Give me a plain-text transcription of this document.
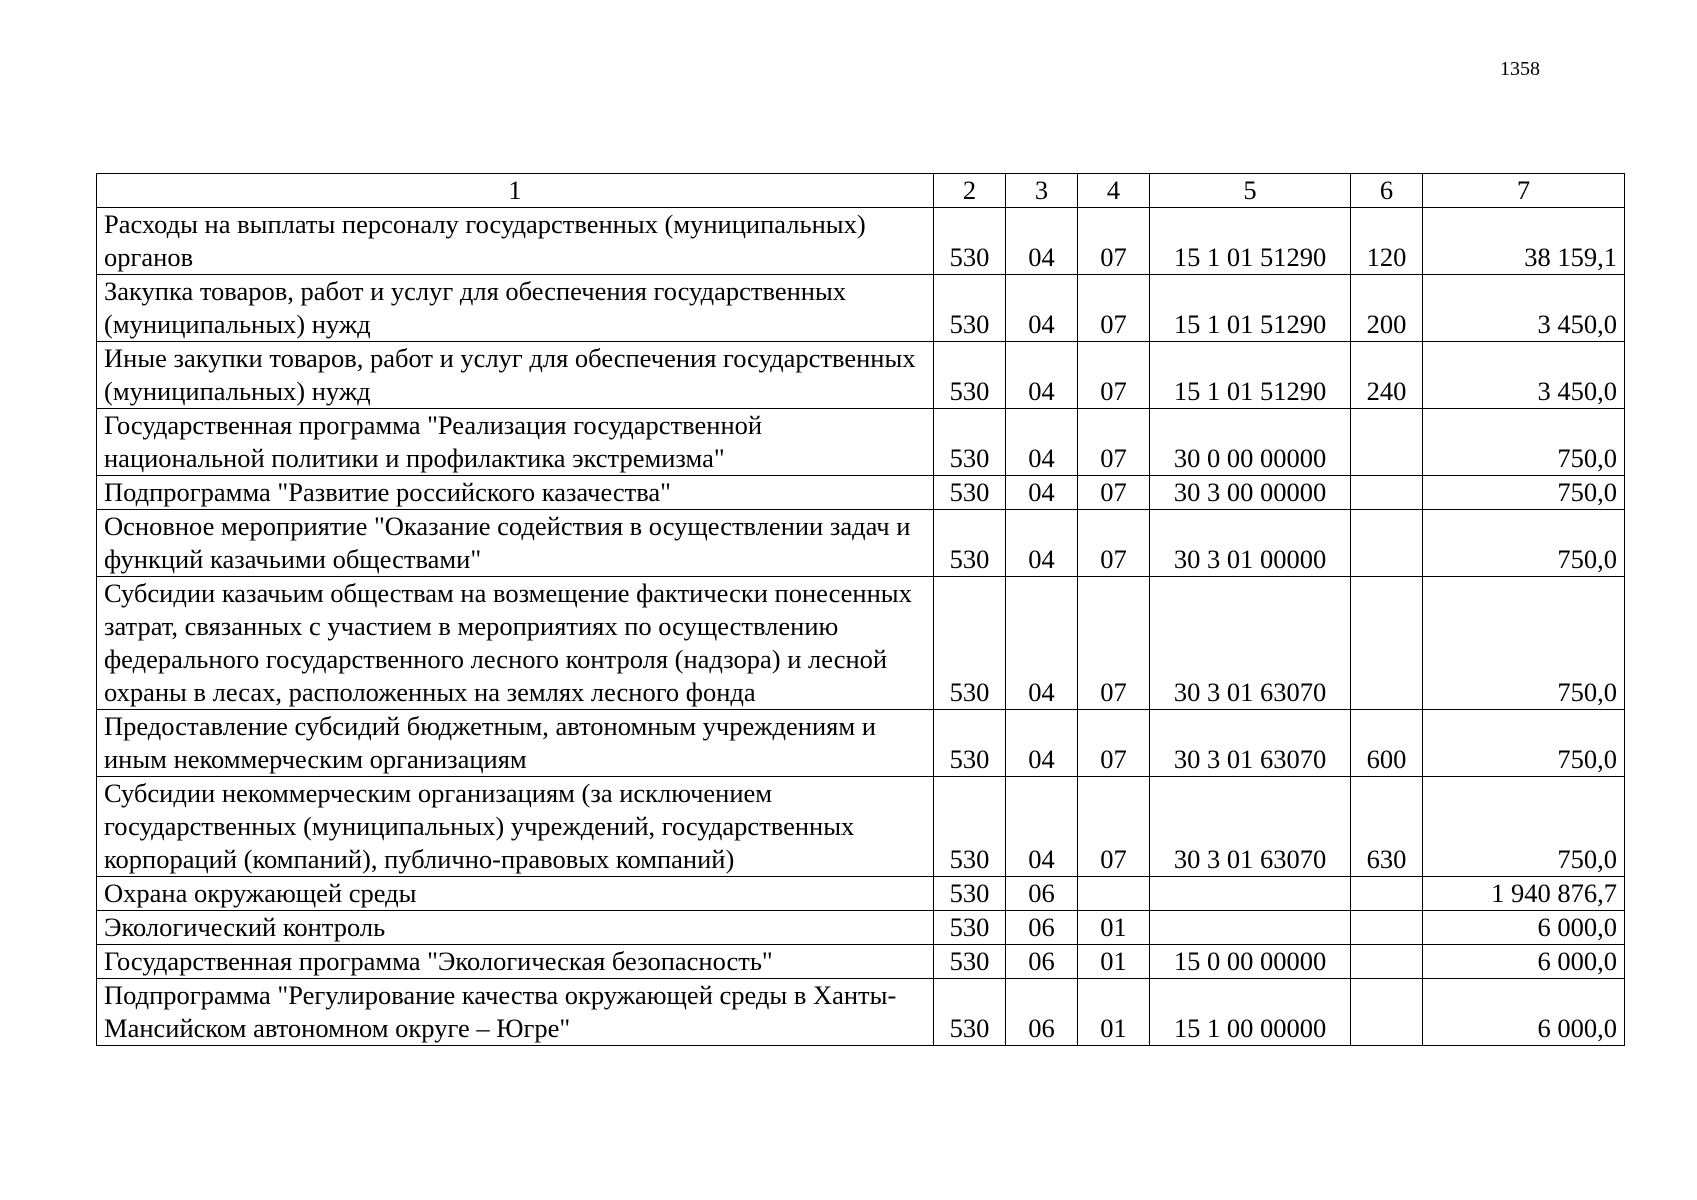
1358
1	2	3	4	5	6	7
Расходы на выплаты персоналу государственных (муниципальных) органов	530	04	07	15 1 01 51290	120	38 159,1
Закупка товаров, работ и услуг для обеспечения государственных (муниципальных) нужд	530	04	07	15 1 01 51290	200	3 450,0
Иные закупки товаров, работ и услуг для обеспечения государственных (муниципальных) нужд	530	04	07	15 1 01 51290	240	3 450,0
Государственная программа "Реализация государственной национальной политики и профилактика экстремизма"	530	04	07	30 0 00 00000		750,0
Подпрограмма "Развитие российского казачества"	530	04	07	30 3 00 00000		750,0
Основное мероприятие "Оказание содействия в осуществлении задач и функций казачьими обществами"	530	04	07	30 3 01 00000		750,0
Субсидии казачьим обществам на возмещение фактически понесенных затрат, связанных с участием в мероприятиях по осуществлению федерального государственного лесного контроля (надзора) и лесной охраны в лесах, расположенных на землях лесного фонда	530	04	07	30 3 01 63070		750,0
Предоставление субсидий бюджетным, автономным учреждениям и иным некоммерческим организациям	530	04	07	30 3 01 63070	600	750,0
Субсидии некоммерческим организациям (за исключением государственных (муниципальных) учреждений, государственных корпораций (компаний), публично-правовых компаний)	530	04	07	30 3 01 63070	630	750,0
Охрана окружающей среды	530	06				1 940 876,7
Экологический контроль	530	06	01			6 000,0
Государственная программа "Экологическая безопасность"	530	06	01	15 0 00 00000		6 000,0
Подпрограмма "Регулирование качества окружающей среды в Ханты-Мансийском автономном округе – Югре"	530	06	01	15 1 00 00000		6 000,0
